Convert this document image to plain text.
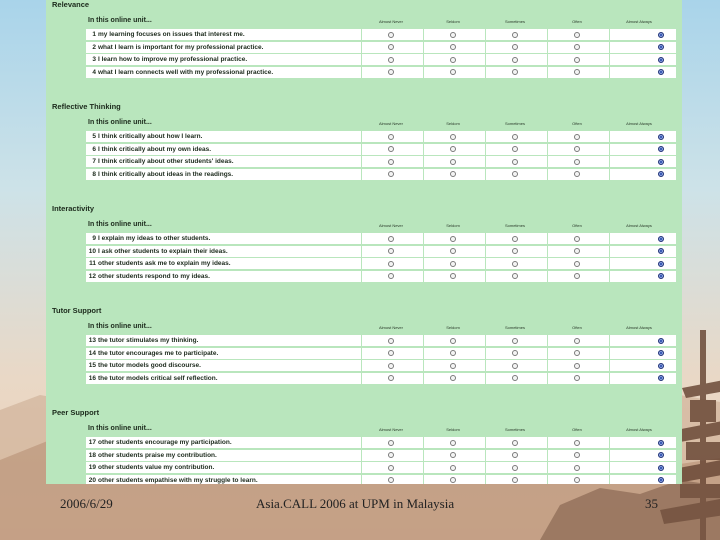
Relevance
In this online unit...	Almost Never	Seldom	Sometimes	Often	Almost Always
1 my learning focuses on issues that interest me.
2 what I learn is important for my professional practice.
3 I learn how to improve my professional practice.
4 what I learn connects well with my professional practice.
Reflective Thinking
In this online unit...	Almost Never	Seldom	Sometimes	Often	Almost Always
5 I think critically about how I learn.
6 I think critically about my own ideas.
7 I think critically about other students' ideas.
8 I think critically about ideas in the readings.
Interactivity
In this online unit...	Almost Never	Seldom	Sometimes	Often	Almost Always
9 I explain my ideas to other students.
10 I ask other students to explain their ideas.
11 other students ask me to explain my ideas.
12 other students respond to my ideas.
Tutor Support
In this online unit...	Almost Never	Seldom	Sometimes	Often	Almost Always
13 the tutor stimulates my thinking.
14 the tutor encourages me to participate.
15 the tutor models good discourse.
16 the tutor models critical self reflection.
Peer Support
In this online unit...	Almost Never	Seldom	Sometimes	Often	Almost Always
17 other students encourage my participation.
18 other students praise my contribution.
19 other students value my contribution.
20 other students empathise with my struggle to learn.
2006/6/29	Asia.CALL 2006 at UPM in Malaysia	35
